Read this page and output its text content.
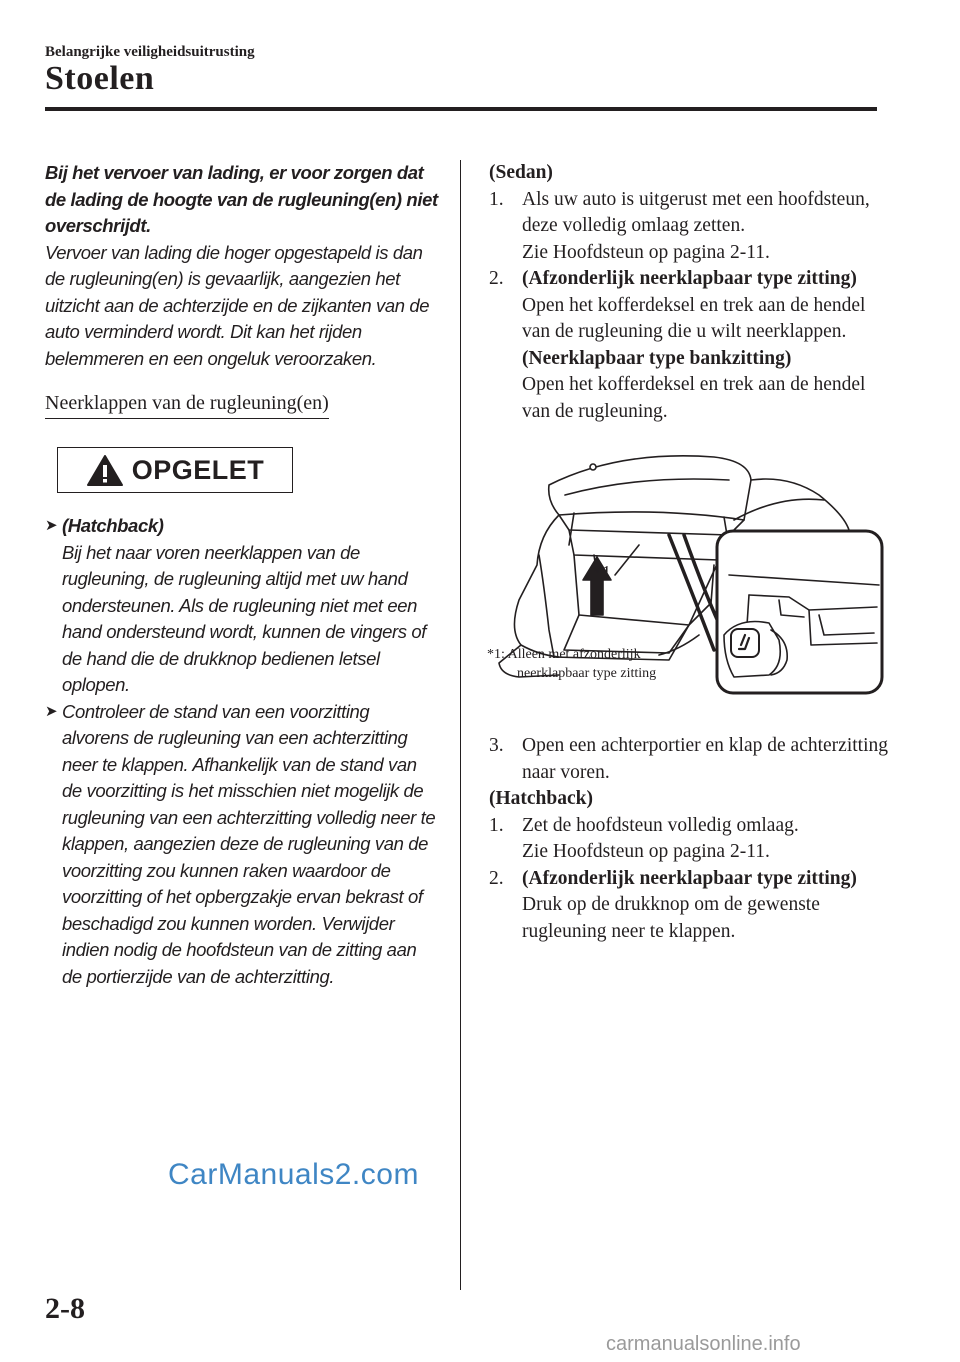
Belangrijke veiligheidsuitrusting
Stoelen

Bij het vervoer van lading, er voor zorgen dat de lading de hoogte van de rugleuning(en) niet overschrijdt.

Vervoer van lading die hoger opgestapeld is dan de rugleuning(en) is gevaarlijk, aangezien het uitzicht aan de achterzijde en de zijkanten van de auto verminderd wordt. Dit kan het rijden belemmeren en een ongeluk veroorzaken.

Neerklappen van de rugleuning(en)
OPGELET
➤ (Hatchback)
Bij het naar voren neerklappen van de rugleuning, de rugleuning altijd met uw hand ondersteunen. Als de rugleuning niet met een hand ondersteund wordt, kunnen de vingers of de hand die de drukknop bedienen letsel oplopen.
➤ Controleer de stand van een voorzitting alvorens de rugleuning van een achterzitting neer te klappen. Afhankelijk van de stand van de voorzitting is het misschien niet mogelijk de rugleuning van een achterzitting volledig neer te klappen, aangezien deze de rugleuning van de voorzitting zou kunnen raken waardoor de voorzitting of het opbergzakje ervan bekrast of beschadigd zou kunnen worden. Verwijder indien nodig de hoofdsteun van de zitting aan de portierzijde van de achterzitting.
(Sedan)
1. Als uw auto is uitgerust met een hoofdsteun, deze volledig omlaag zetten.
Zie Hoofdsteun op pagina 2-11.
2. (Afzonderlijk neerklapbaar type zitting)
Open het kofferdeksel en trek aan de hendel van de rugleuning die u wilt neerklappen.
(Neerklapbaar type bankzitting)
Open het kofferdeksel en trek aan de hendel van de rugleuning.
*1
*1: Alleen met afzonderlijk
neerklapbaar type zitting
3. Open een achterportier en klap de achterzitting naar voren.
(Hatchback)
1. Zet de hoofdsteun volledig omlaag.
Zie Hoofdsteun op pagina 2-11.
2. (Afzonderlijk neerklapbaar type zitting)
Druk op de drukknop om de gewenste rugleuning neer te klappen.
CarManuals2.com
2-8
carmanualsonline.info
